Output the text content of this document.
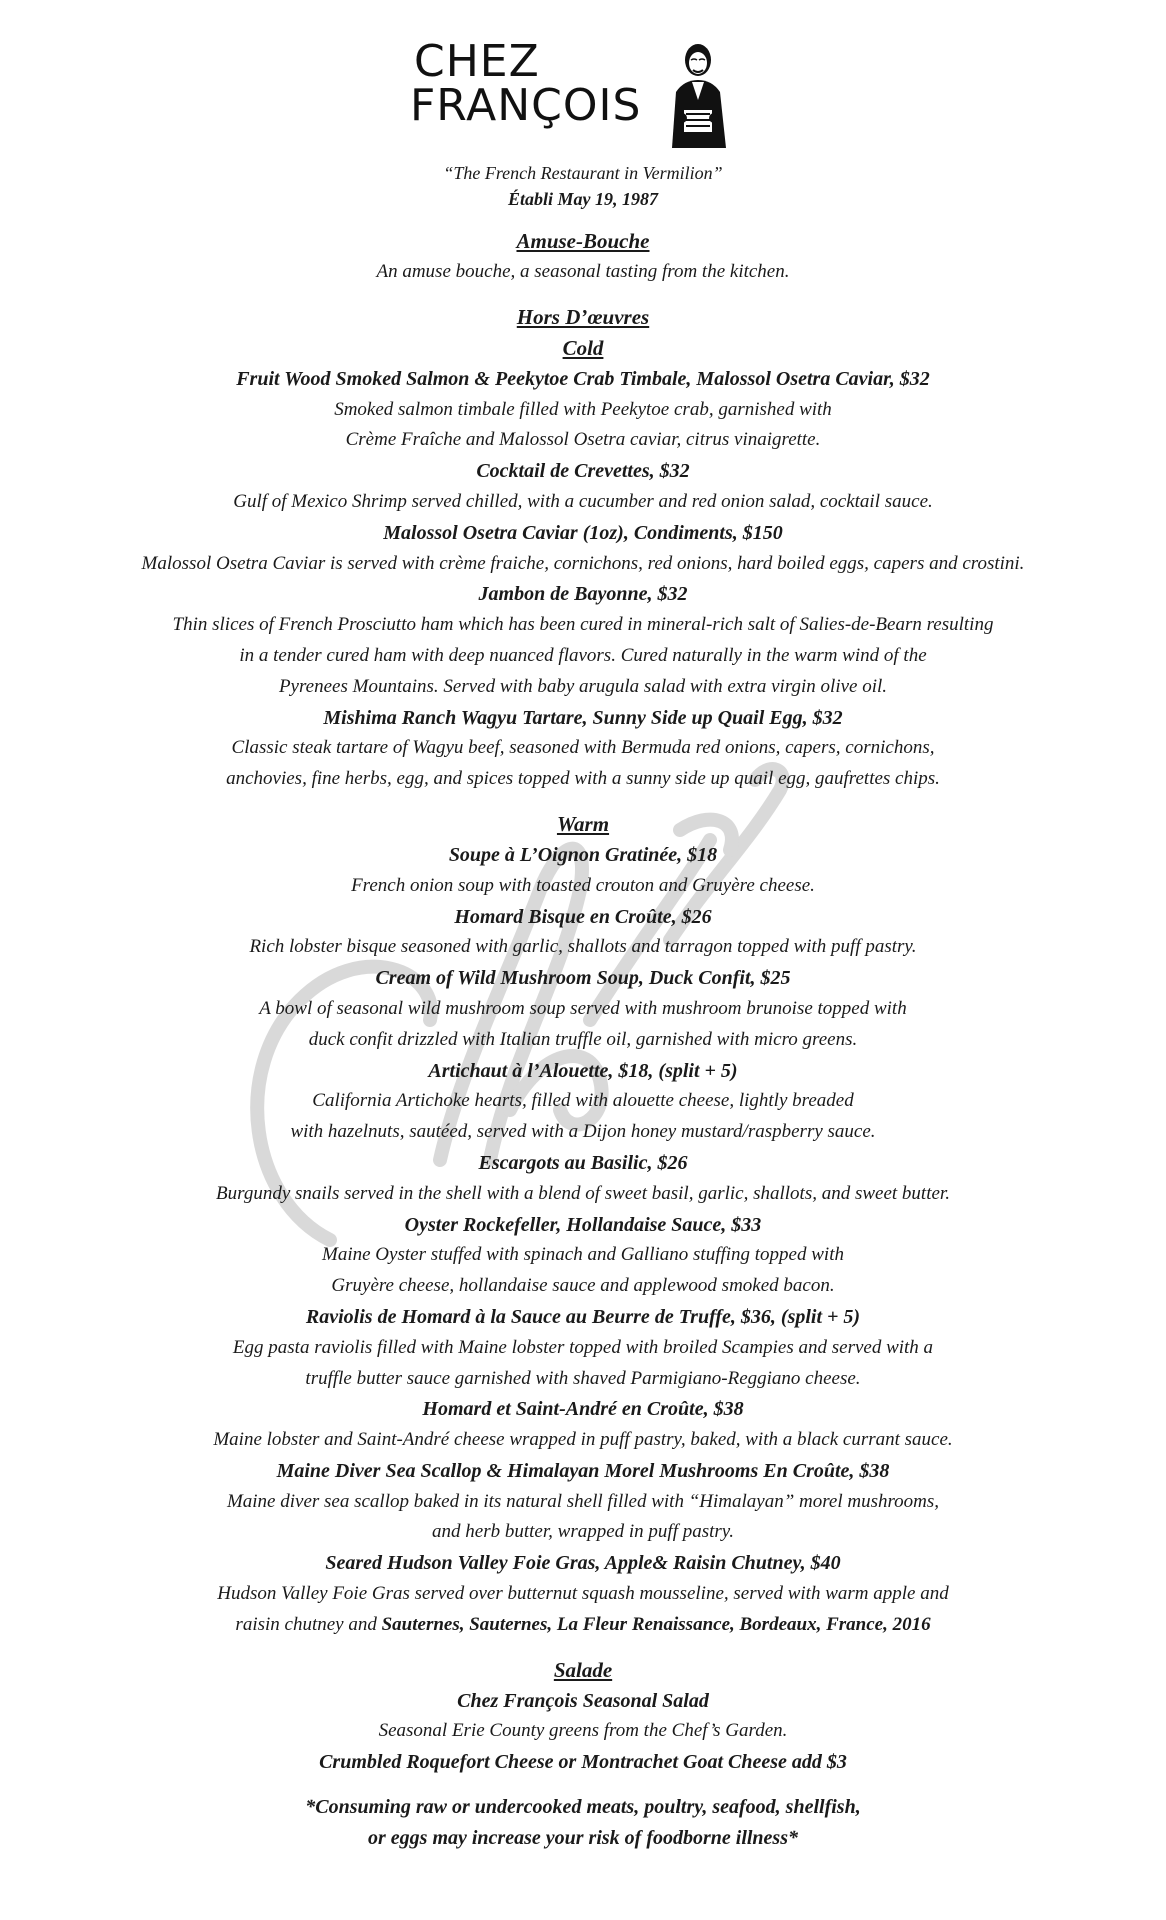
CHEZ
FRANÇOIS
“The French Restaurant in Vermilion”
Établi May 19, 1987
Amuse-Bouche
An amuse bouche, a seasonal tasting from the kitchen.
Hors D’œuvres
Cold
Fruit Wood Smoked Salmon & Peekytoe Crab Timbale, Malossol Osetra Caviar, $32
Smoked salmon timbale filled with Peekytoe crab, garnished with
Crème Fraîche and Malossol Osetra caviar, citrus vinaigrette.
Cocktail de Crevettes, $32
Gulf of Mexico Shrimp served chilled, with a cucumber and red onion salad, cocktail sauce.
Malossol Osetra Caviar (1oz), Condiments, $150
Malossol Osetra Caviar is served with crème fraiche, cornichons, red onions, hard boiled eggs, capers and crostini.
Jambon de Bayonne, $32
Thin slices of French Prosciutto ham which has been cured in mineral-rich salt of Salies-de-Bearn resulting
in a tender cured ham with deep nuanced flavors. Cured naturally in the warm wind of the
Pyrenees Mountains. Served with baby arugula salad with extra virgin olive oil.
Mishima Ranch Wagyu Tartare, Sunny Side up Quail Egg, $32
Classic steak tartare of Wagyu beef, seasoned with Bermuda red onions, capers, cornichons,
anchovies, fine herbs, egg, and spices topped with a sunny side up quail egg, gaufrettes chips.
Warm
Soupe à L’Oignon Gratinée, $18
French onion soup with toasted crouton and Gruyère cheese.
Homard Bisque en Croûte, $26
Rich lobster bisque seasoned with garlic, shallots and tarragon topped with puff pastry.
Cream of Wild Mushroom Soup, Duck Confit, $25
A bowl of seasonal wild mushroom soup served with mushroom brunoise topped with
duck confit drizzled with Italian truffle oil, garnished with micro greens.
Artichaut à l’Alouette, $18, (split + 5)
California Artichoke hearts, filled with alouette cheese, lightly breaded
with hazelnuts, sautéed, served with a Dijon honey mustard/raspberry sauce.
Escargots au Basilic, $26
Burgundy snails served in the shell with a blend of sweet basil, garlic, shallots, and sweet butter.
Oyster Rockefeller, Hollandaise Sauce, $33
Maine Oyster stuffed with spinach and Galliano stuffing topped with
Gruyère cheese, hollandaise sauce and applewood smoked bacon.
Raviolis de Homard à la Sauce au Beurre de Truffe, $36, (split + 5)
Egg pasta raviolis filled with Maine lobster topped with broiled Scampies and served with a
truffle butter sauce garnished with shaved Parmigiano-Reggiano cheese.
Homard et Saint-André en Croûte, $38
Maine lobster and Saint-André cheese wrapped in puff pastry, baked, with a black currant sauce.
Maine Diver Sea Scallop & Himalayan Morel Mushrooms En Croûte, $38
Maine diver sea scallop baked in its natural shell filled with “Himalayan” morel mushrooms,
and herb butter, wrapped in puff pastry.
Seared Hudson Valley Foie Gras, Apple& Raisin Chutney, $40
Hudson Valley Foie Gras served over butternut squash mousseline, served with warm apple and
raisin chutney and Sauternes, Sauternes, La Fleur Renaissance, Bordeaux, France, 2016
Salade
Chez François Seasonal Salad
Seasonal Erie County greens from the Chef’s Garden.
Crumbled Roquefort Cheese or Montrachet Goat Cheese add $3
*Consuming raw or undercooked meats, poultry, seafood, shellfish,
or eggs may increase your risk of foodborne illness*
